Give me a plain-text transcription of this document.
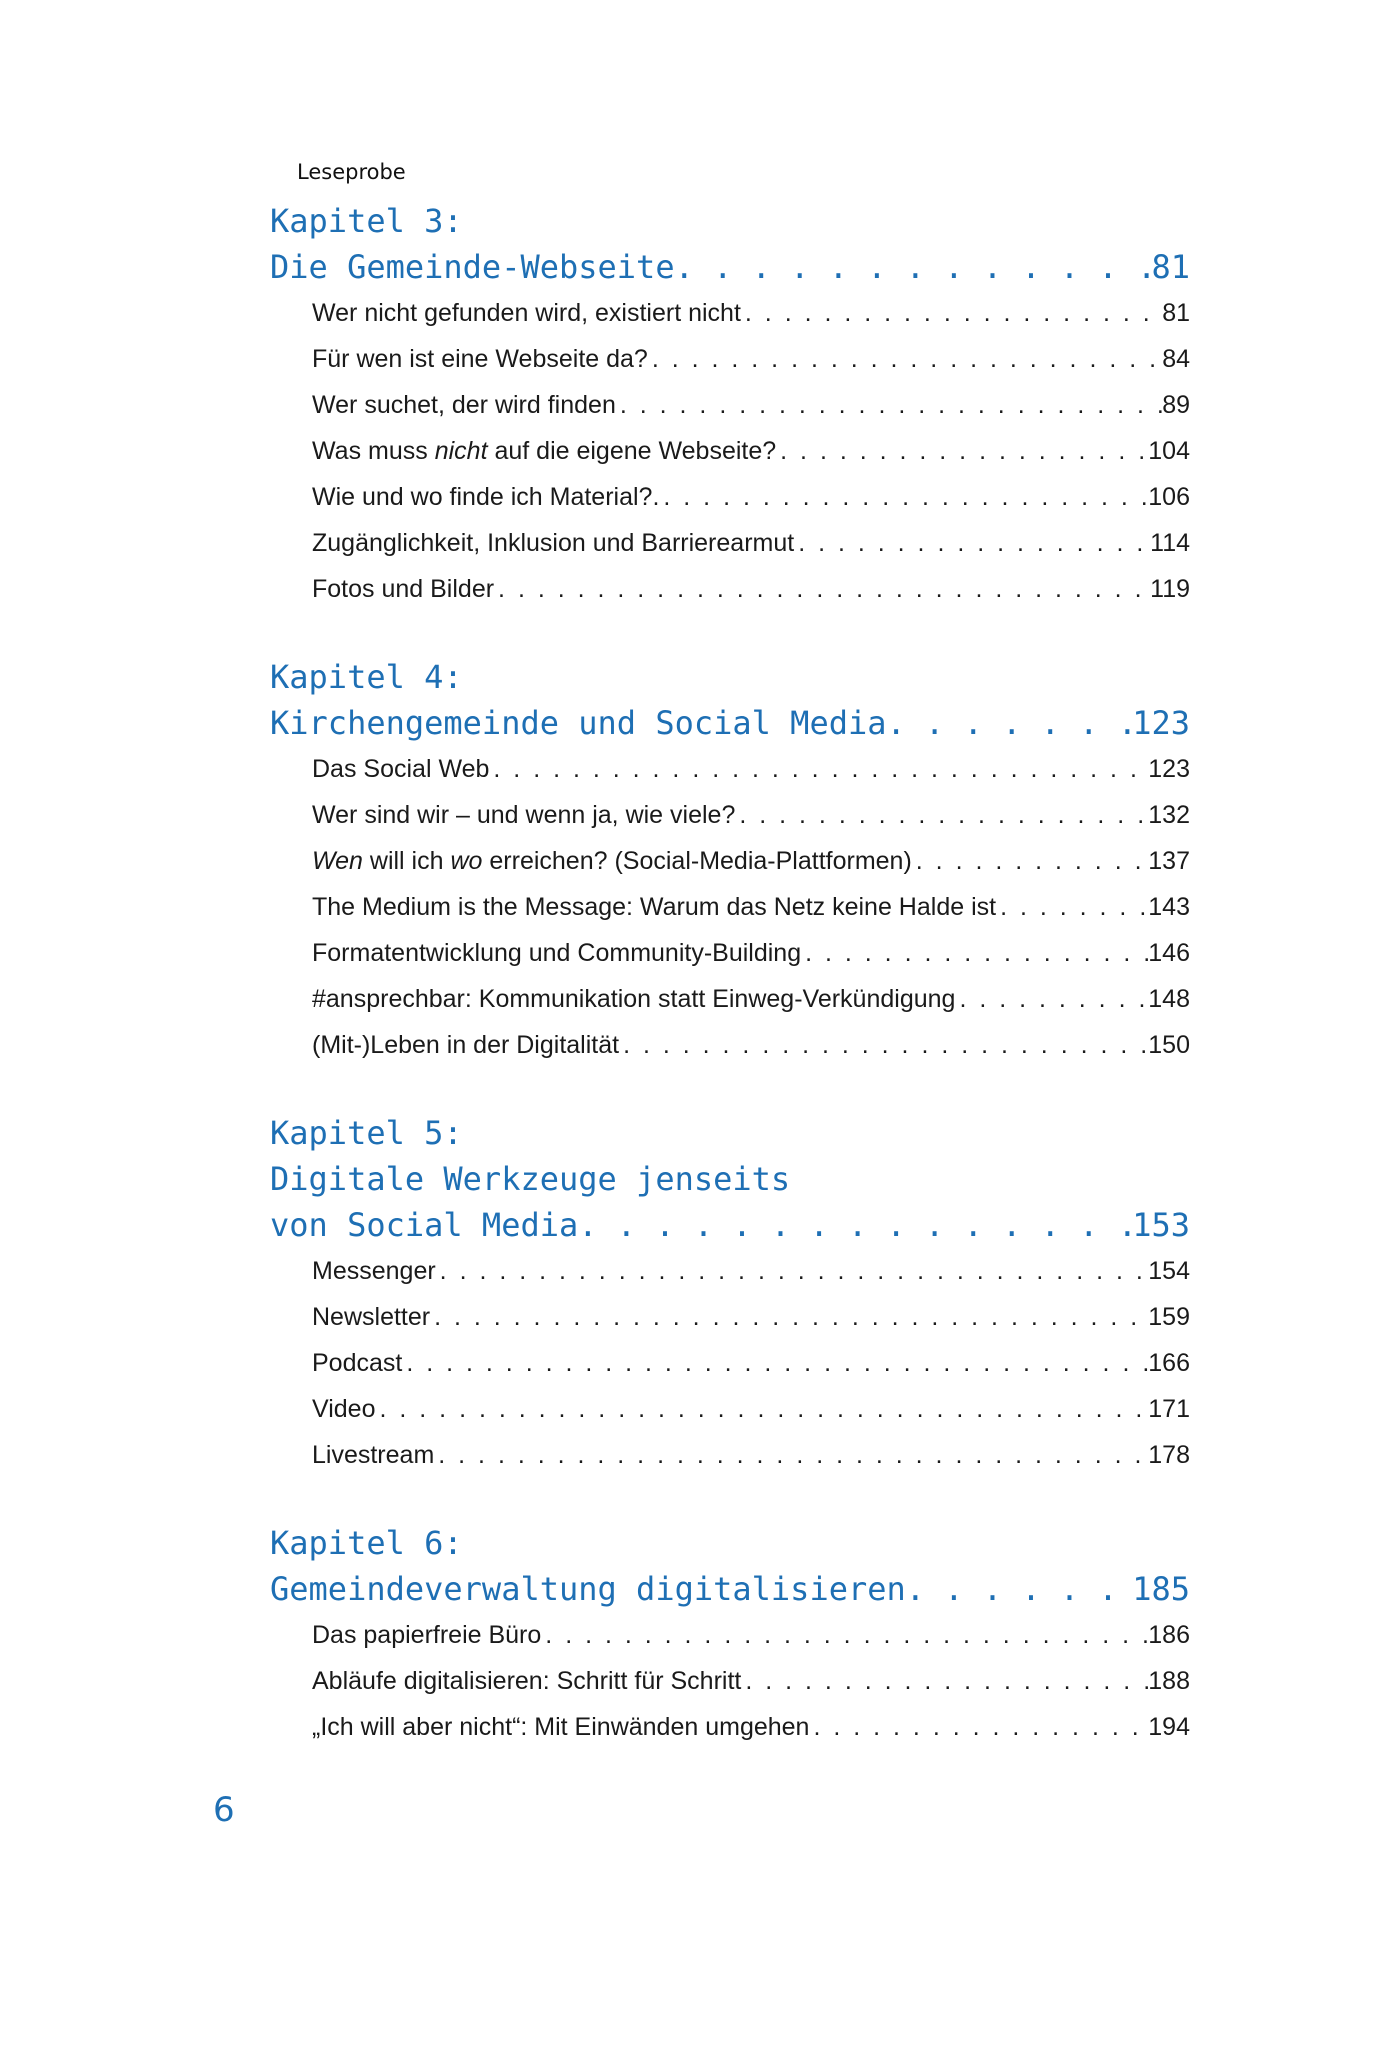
Leseprobe
Kapitel 3:
Die Gemeinde-Webseite . . .	81
Wer nicht gefunden wird, existiert nicht . . .	81
Für wen ist eine Webseite da? . . .	84
Wer suchet, der wird finden . . .	89
Was muss nicht auf die eigene Webseite? . . .	104
Wie und wo finde ich Material?. . . .	106
Zugänglichkeit, Inklusion und Barrierearmut . . .	114
Fotos und Bilder . . .	119
Kapitel 4:
Kirchengemeinde und Social Media . . .	123
Das Social Web . . .	123
Wer sind wir – und wenn ja, wie viele? . . .	132
Wen will ich wo erreichen? (Social-Media-Plattformen) . . .	137
The Medium is the Message: Warum das Netz keine Halde ist . . .	143
Formatentwicklung und Community-Building . . .	146
#ansprechbar: Kommunikation statt Einweg-Verkündigung . . .	148
(Mit-)Leben in der Digitalität . . .	150
Kapitel 5:
Digitale Werkzeuge jenseits
von Social Media . . .	153
Messenger . . .	154
Newsletter . . .	159
Podcast . . .	166
Video . . .	171
Livestream . . .	178
Kapitel 6:
Gemeindeverwaltung digitalisieren . . .	185
Das papierfreie Büro . . .	186
Abläufe digitalisieren: Schritt für Schritt . . .	188
„Ich will aber nicht“: Mit Einwänden umgehen . . .	194
6
